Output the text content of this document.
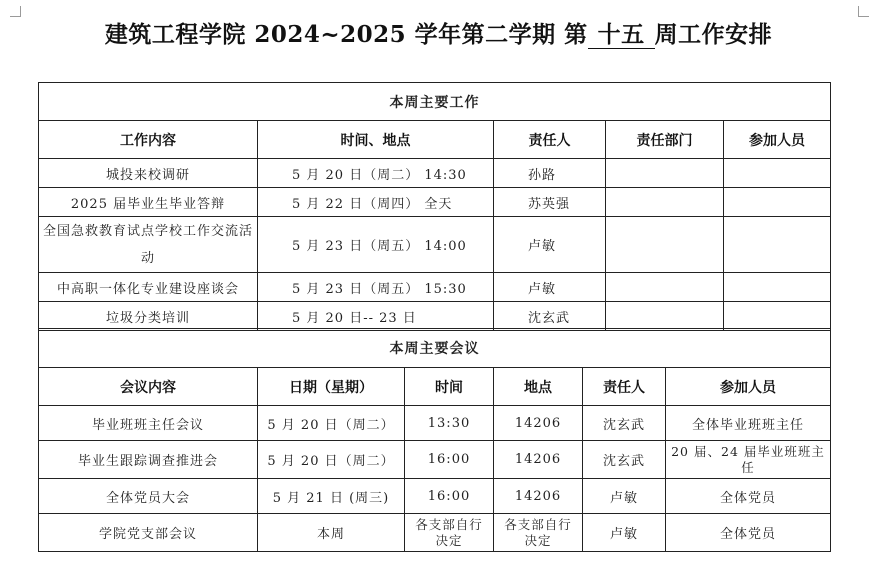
建筑工程学院 2024~2025 学年第二学期 第 十五 周工作安排
本周主要工作				
工作内容	时间、地点	责任人	责任部门	参加人员
城投来校调研	5 月 20 日（周二） 14:30	孙路		
2025 届毕业生毕业答辩	5 月 22 日（周四） 全天	苏英强		
全国急救教育试点学校工作交流活动	5 月 23 日（周五） 14:00	卢敏		
中高职一体化专业建设座谈会	5 月 23 日（周五） 15:30	卢敏		
垃圾分类培训	5 月 20 日-- 23 日	沈玄武		
本周主要会议					
会议内容	日期（星期）	时间	地点	责任人	参加人员
毕业班班主任会议	5 月 20 日（周二）	13:30	14206	沈玄武	全体毕业班班主任
毕业生跟踪调查推进会	5 月 20 日（周二）	16:00	14206	沈玄武	20 届、24 届毕业班班主任
全体党员大会	5 月 21 日 (周三)	16:00	14206	卢敏	全体党员
学院党支部会议	本周	各支部自行决定	各支部自行决定	卢敏	全体党员
